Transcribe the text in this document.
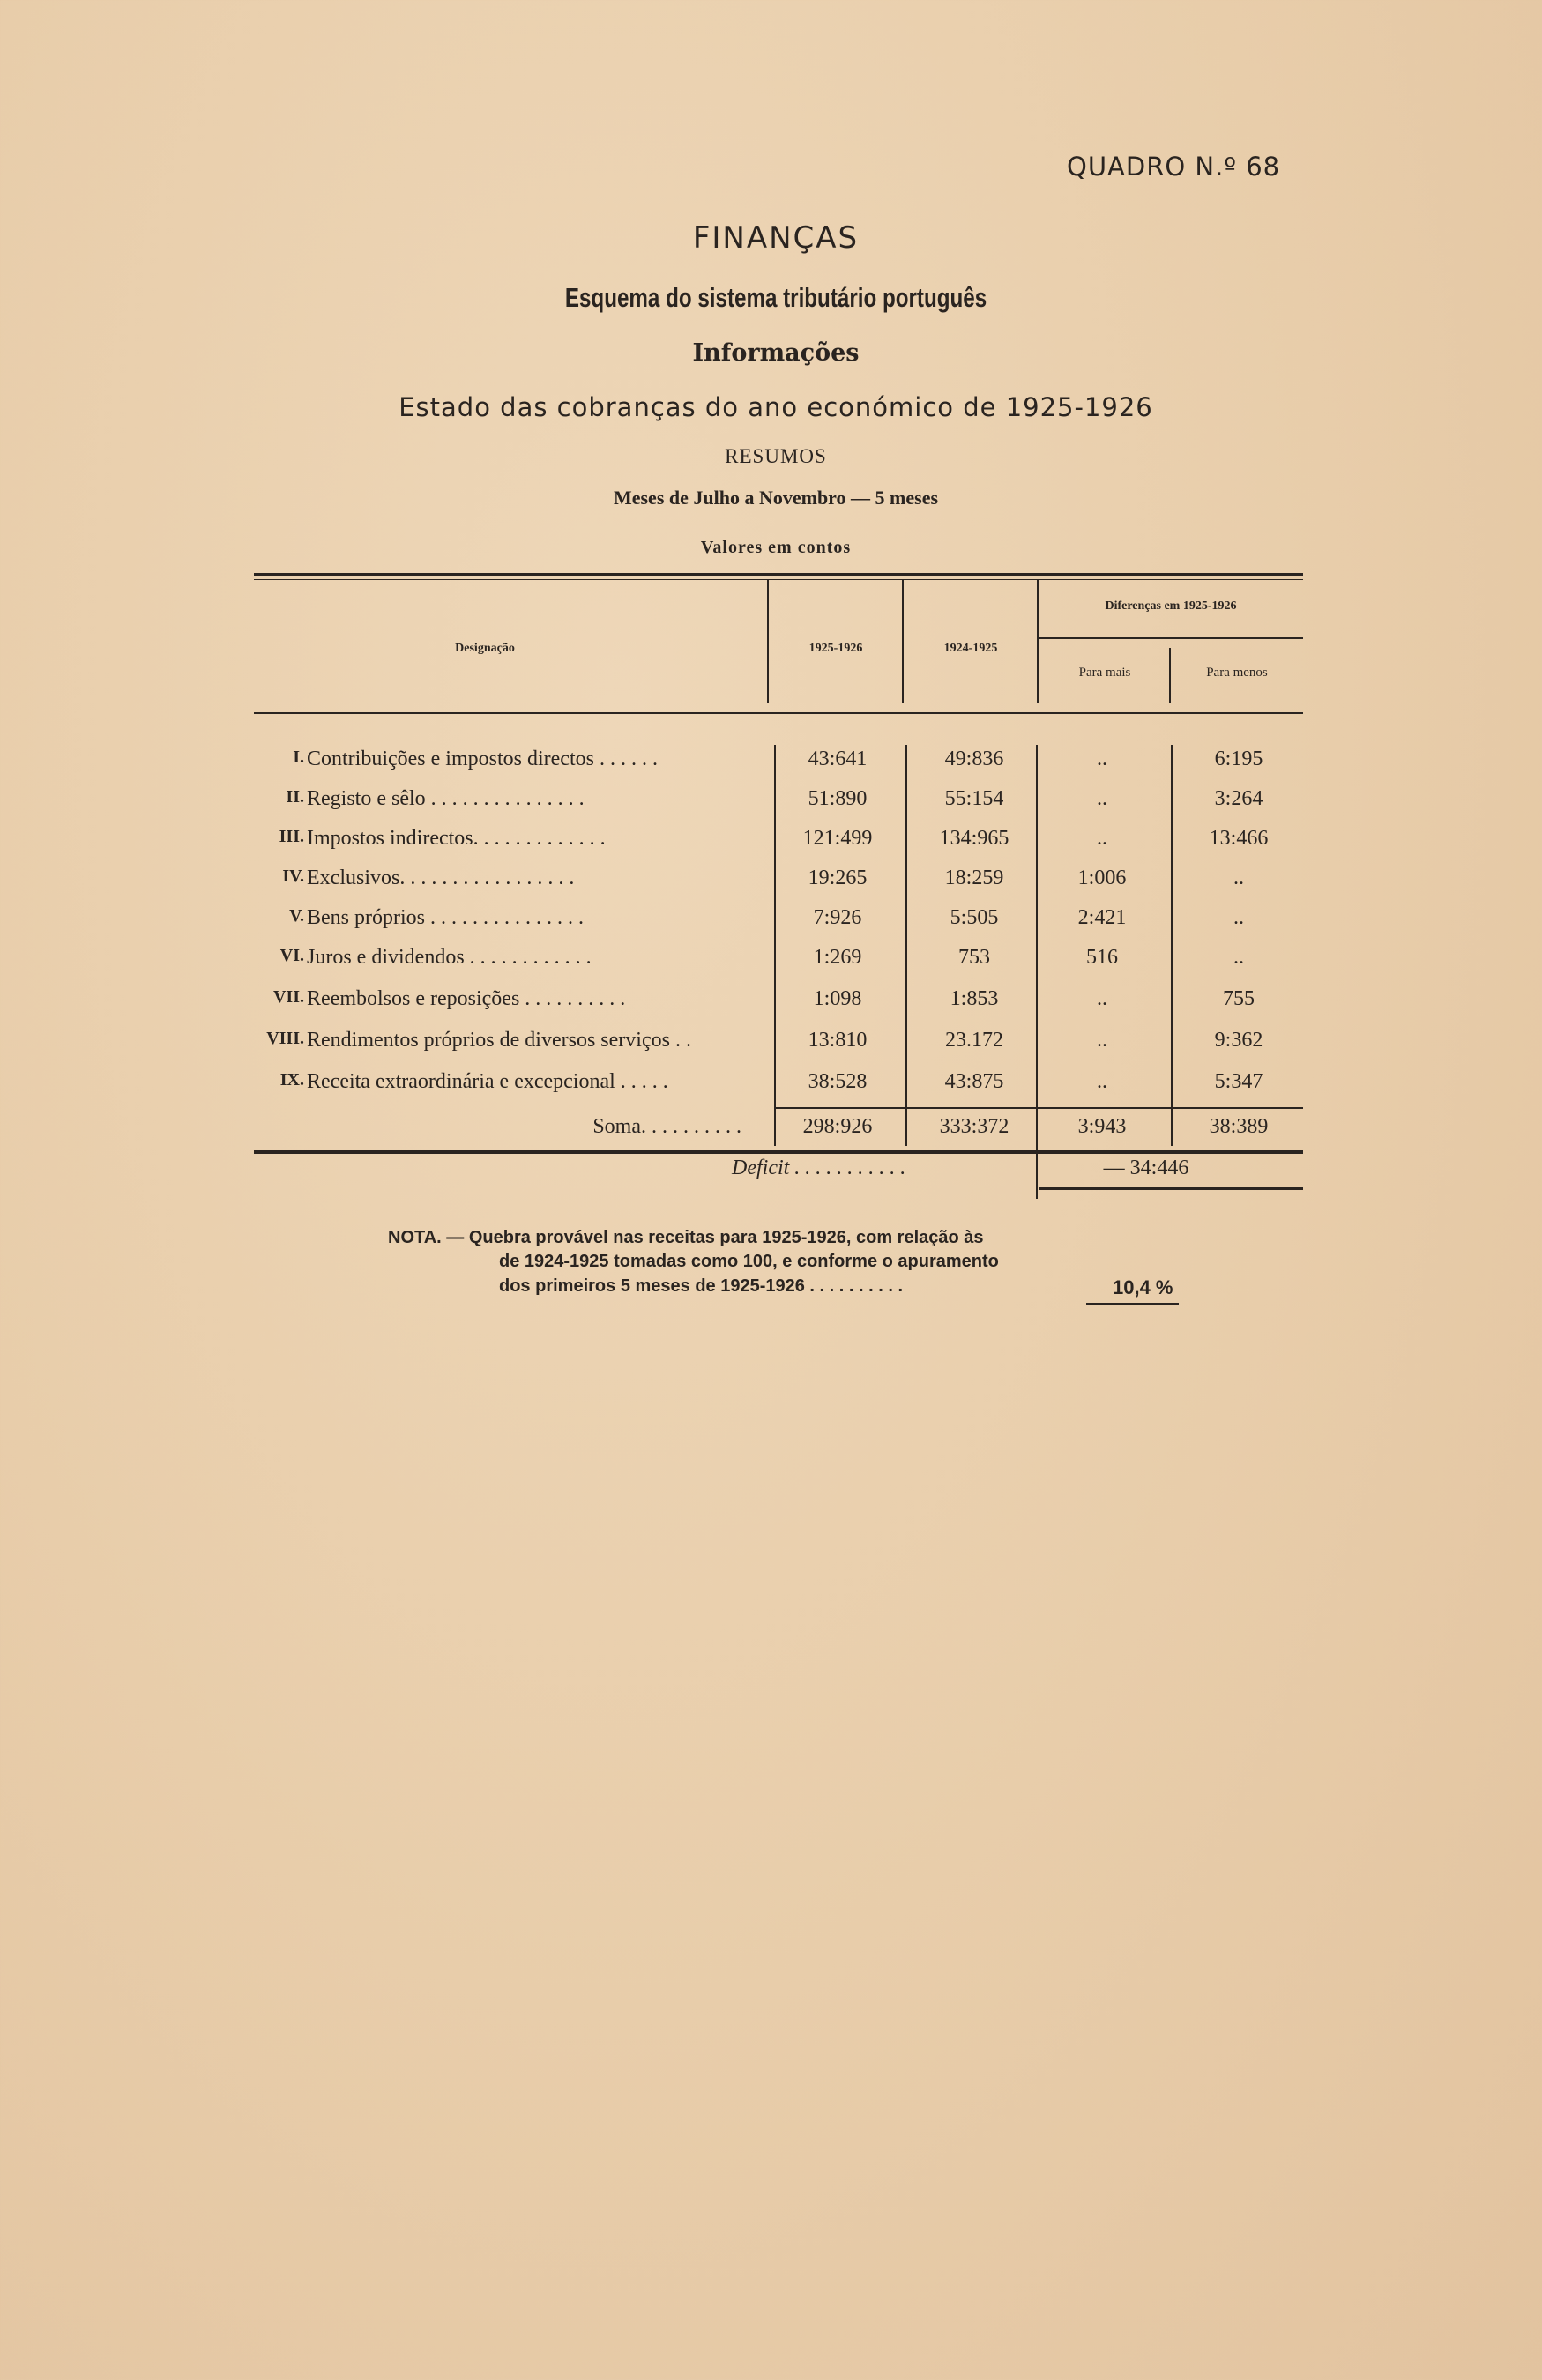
QUADRO N.º 68
FINANÇAS
Esquema do sistema tributário português
Informações
Estado das cobranças do ano económico de 1925-1926
RESUMOS
Meses de Julho a Novembro — 5 meses
Valores em contos
Designação	1925-1926	1924-1925
Diferenças em 1925-1926
Para mais	Para menos
I. Contribuições e impostos directos . . . . . .	43:641	49:836	..	6:195
II. Registo e sêlo . . . . . . . . . . . . . . .	51:890	55:154	..	3:264
III. Impostos indirectos. . . . . . . . . . . . .	121:499	134:965	..	13:466
IV. Exclusivos. . . . . . . . . . . . . . . . .	19:265	18:259	1:006	..
V. Bens próprios . . . . . . . . . . . . . . .	7:926	5:505	2:421	..
VI. Juros e dividendos . . . . . . . . . . . .	1:269	753	516	..
VII. Reembolsos e reposições . . . . . . . . . .	1:098	1:853	..	755
VIII. Rendimentos próprios de diversos serviços . .	13:810	23.172	..	9:362
IX. Receita extraordinária e excepcional . . . . .	38:528	43:875	..	5:347
Soma. . . . . . . . . .	298:926	333:372	3:943	38:389
Deficit . . . . . . . . . . .	— 34:446
NOTA. — Quebra provável nas receitas para 1925-1926, com relação às
de 1924-1925 tomadas como 100, e conforme o apuramento
dos primeiros 5 meses de 1925-1926 . . . . . . . . . .	10,4 %
